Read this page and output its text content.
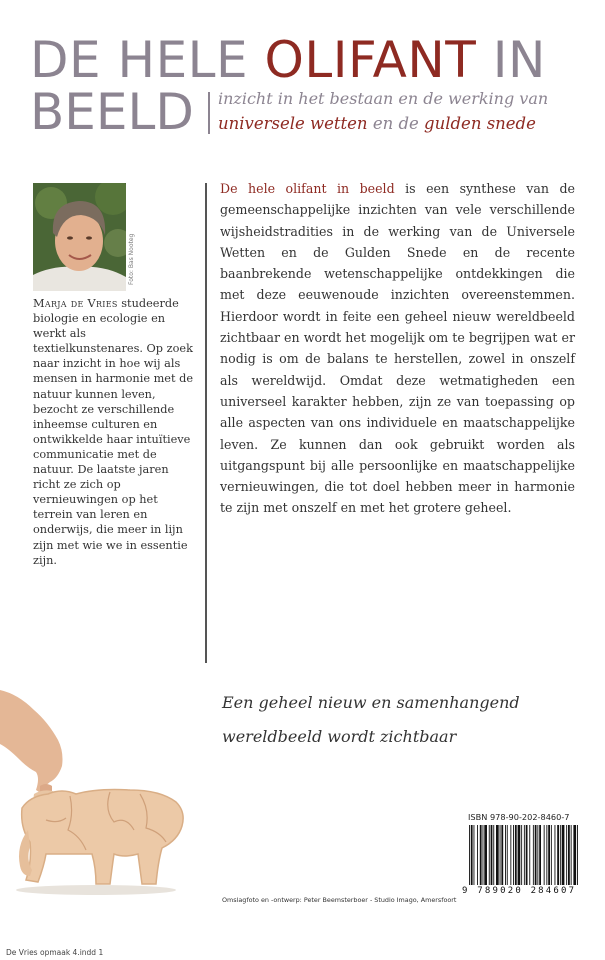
DE HELE OLIFANT IN
BEELD inzicht in het bestaan en de werking van
universele wetten en de gulden snede
Foto: Bas Nooteg

Marja de Vries studeerde biologie en ecologie en werkt als textielkunstenares. Op zoek naar inzicht in hoe wij als mensen in harmonie met de natuur kunnen leven, bezocht ze verschillende inheemse culturen en ontwikkelde haar intuïtieve communicatie met de natuur. De laatste jaren richt ze zich op vernieuwingen op het terrein van leren en onderwijs, die meer in lijn zijn met wie we in essentie zijn.

De hele olifant in beeld is een synthese van de gemeenschappelijke inzichten van vele verschillende wijsheidstradities in de werking van de Universele Wetten en de Gulden Snede en de recente baanbrekende wetenschappelijke ontdekkingen die met deze eeuwenoude inzichten overeenstemmen. Hierdoor wordt in feite een geheel nieuw wereldbeeld zichtbaar en wordt het mogelijk om te begrijpen wat er nodig is om de balans te herstellen, zowel in onszelf als wereldwijd. Omdat deze wetmatigheden een universeel karakter hebben, zijn ze van toepassing op alle aspecten van ons individuele en maatschappelijke leven. Ze kunnen dan ook gebruikt worden als uitgangspunt bij alle persoonlijke en maatschappelijke vernieuwingen, die tot doel hebben meer in harmonie te zijn met onszelf en met het grotere geheel.
Een geheel nieuw en samenhangend
wereldbeeld wordt zichtbaar
ISBN 978-90-202-8460-7
9 789020 284607
Omslagfoto en -ontwerp: Peter Beemsterboer - Studio Imago, Amersfoort
De Vries opmaak 4.indd 1
